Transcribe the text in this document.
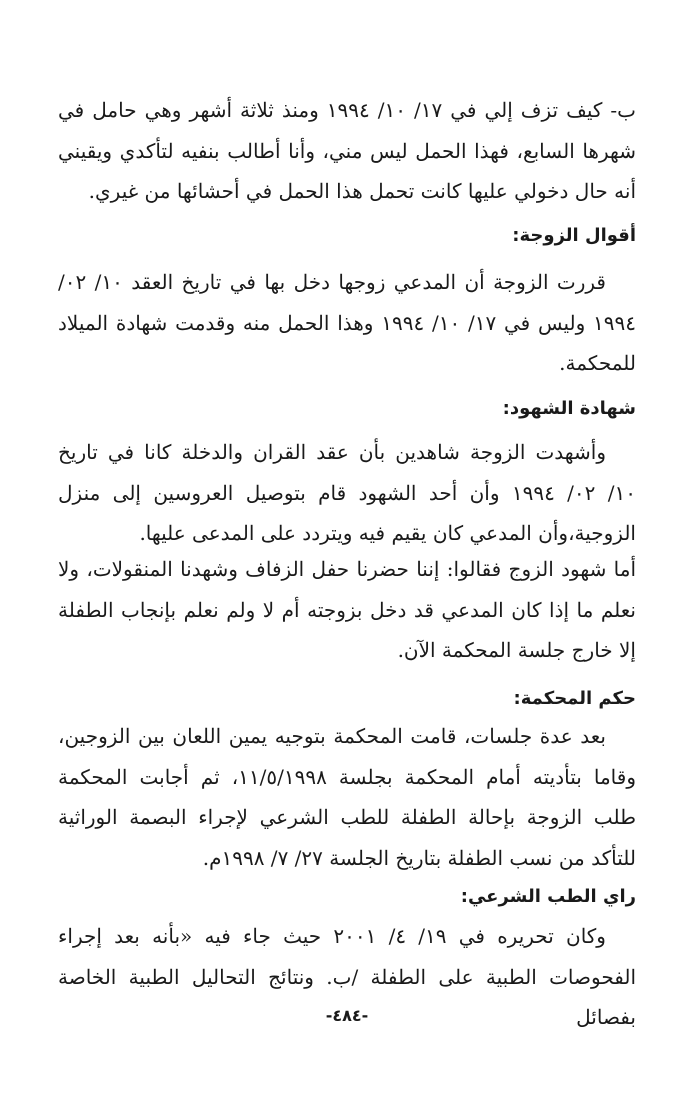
ب- كيف تزف إلي في ١٧/ ١٠/ ١٩٩٤ ومنذ ثلاثة أشهر وهي حامل في شهرها السابع، فهذا الحمل ليس مني، وأنا أطالب بنفيه لتأكدي ويقيني أنه حال دخولي عليها كانت تحمل هذا الحمل في أحشائها من غيري.

أقوال الزوجة:

قررت الزوجة أن المدعي زوجها دخل بها في تاريخ العقد ١٠/ ٠٢/ ١٩٩٤ وليس في ١٧/ ١٠/ ١٩٩٤ وهذا الحمل منه وقدمت شهادة الميلاد للمحكمة.

شهادة الشهود:

وأشهدت الزوجة شاهدين بأن عقد القران والدخلة كانا في تاريخ ١٠/ ٠٢/ ١٩٩٤ وأن أحد الشهود قام بتوصيل العروسين إلى منزل الزوجية،وأن المدعي كان يقيم فيه ويتردد على المدعى عليها.

أما شهود الزوج فقالوا: إننا حضرنا حفل الزفاف وشهدنا المنقولات، ولا نعلم ما إذا كان المدعي قد دخل بزوجته أم لا ولم نعلم بإنجاب الطفلة إلا خارج جلسة المحكمة الآن.

حكم المحكمة:

بعد عدة جلسات، قامت المحكمة بتوجيه يمين اللعان بين الزوجين، وقاما بتأديته أمام المحكمة بجلسة ١١/٥/١٩٩٨، ثم أجابت المحكمة طلب الزوجة بإحالة الطفلة للطب الشرعي لإجراء البصمة الوراثية للتأكد من نسب الطفلة بتاريخ الجلسة ٢٧/ ٧/ ١٩٩٨م.

راي الطب الشرعي:

وكان تحريره في ١٩/ ٤/ ٢٠٠١ حيث جاء فيه «بأنه بعد إجراء الفحوصات الطبية على الطفلة /ب. ونتائج التحاليل الطبية الخاصة بفصائل

-٤٨٤-
